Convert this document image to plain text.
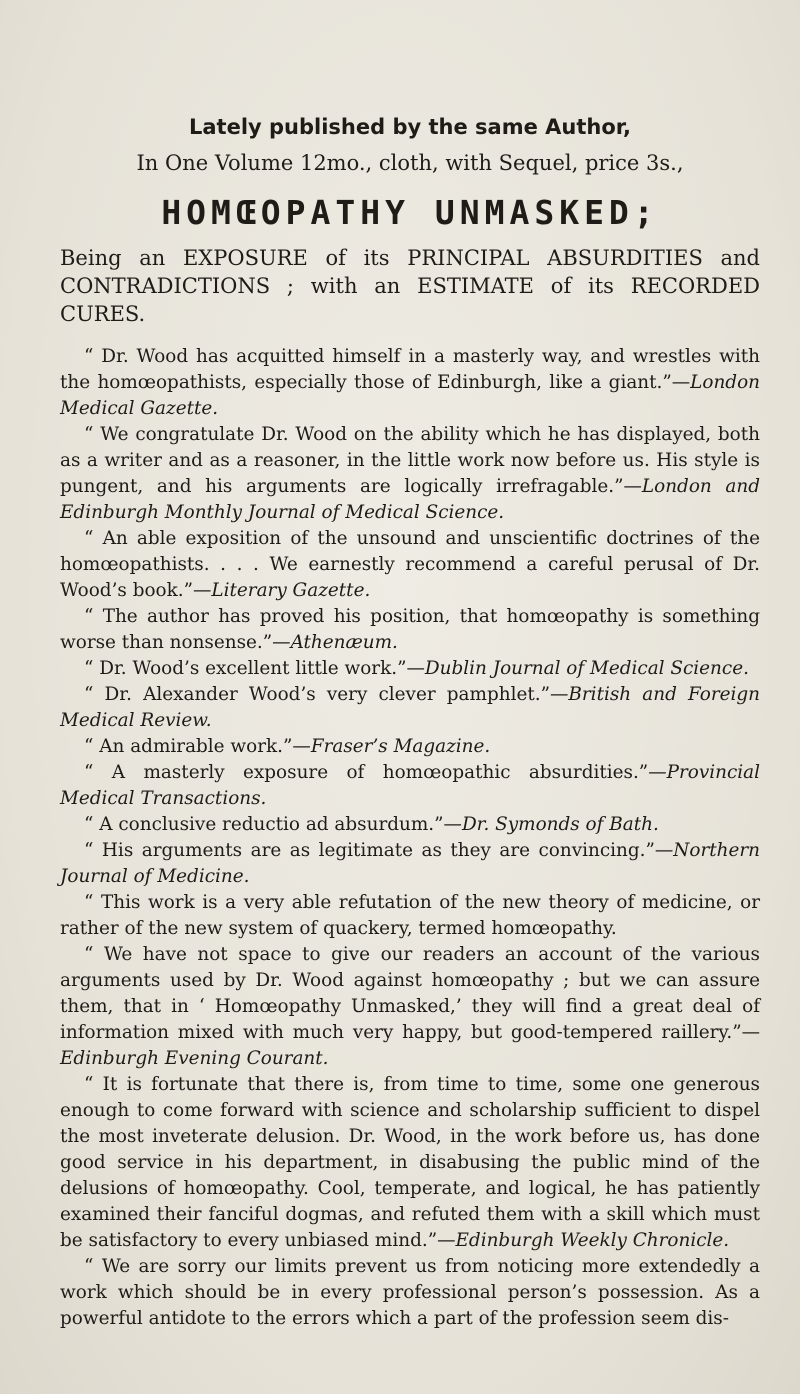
Lately published by the same Author,

In One Volume 12mo., cloth, with Sequel, price 3s.,

HOMŒOPATHY UNMASKED;

Being an EXPOSURE of its PRINCIPAL ABSURDITIES and CONTRADICTIONS ; with an ESTIMATE of its RECORDED CURES.

“ Dr. Wood has acquitted himself in a masterly way, and wrestles with the homœopathists, especially those of Edinburgh, like a giant.”—London Medical Gazette.

“ We congratulate Dr. Wood on the ability which he has displayed, both as a writer and as a reasoner, in the little work now before us. His style is pungent, and his arguments are logically irrefragable.”—London and Edinburgh Monthly Journal of Medical Science.

“ An able exposition of the unsound and unscientific doctrines of the homœopathists. . . . We earnestly recommend a careful perusal of Dr. Wood’s book.”—Literary Gazette.

“ The author has proved his position, that homœopathy is something worse than nonsense.”—Athenæum.

“ Dr. Wood’s excellent little work.”—Dublin Journal of Medical Science.

“ Dr. Alexander Wood’s very clever pamphlet.”—British and Foreign Medical Review.

“ An admirable work.”—Fraser’s Magazine.

“ A masterly exposure of homœopathic absurdities.”—Provincial Medical Transactions.

“ A conclusive reductio ad absurdum.”—Dr. Symonds of Bath.

“ His arguments are as legitimate as they are convincing.”—Northern Journal of Medicine.

“ This work is a very able refutation of the new theory of medicine, or rather of the new system of quackery, termed homœopathy.

“ We have not space to give our readers an account of the various arguments used by Dr. Wood against homœopathy ; but we can assure them, that in ‘ Homœopathy Unmasked,’ they will find a great deal of information mixed with much very happy, but good-tempered raillery.”—Edinburgh Evening Courant.

“ It is fortunate that there is, from time to time, some one generous enough to come forward with science and scholarship sufficient to dispel the most inveterate delusion. Dr. Wood, in the work before us, has done good service in his department, in disabusing the public mind of the delusions of homœopathy. Cool, temperate, and logical, he has patiently examined their fanciful dogmas, and refuted them with a skill which must be satisfactory to every unbiased mind.”—Edinburgh Weekly Chronicle.

“ We are sorry our limits prevent us from noticing more extendedly a work which should be in every professional person’s possession. As a powerful antidote to the errors which a part of the profession seem dis-
